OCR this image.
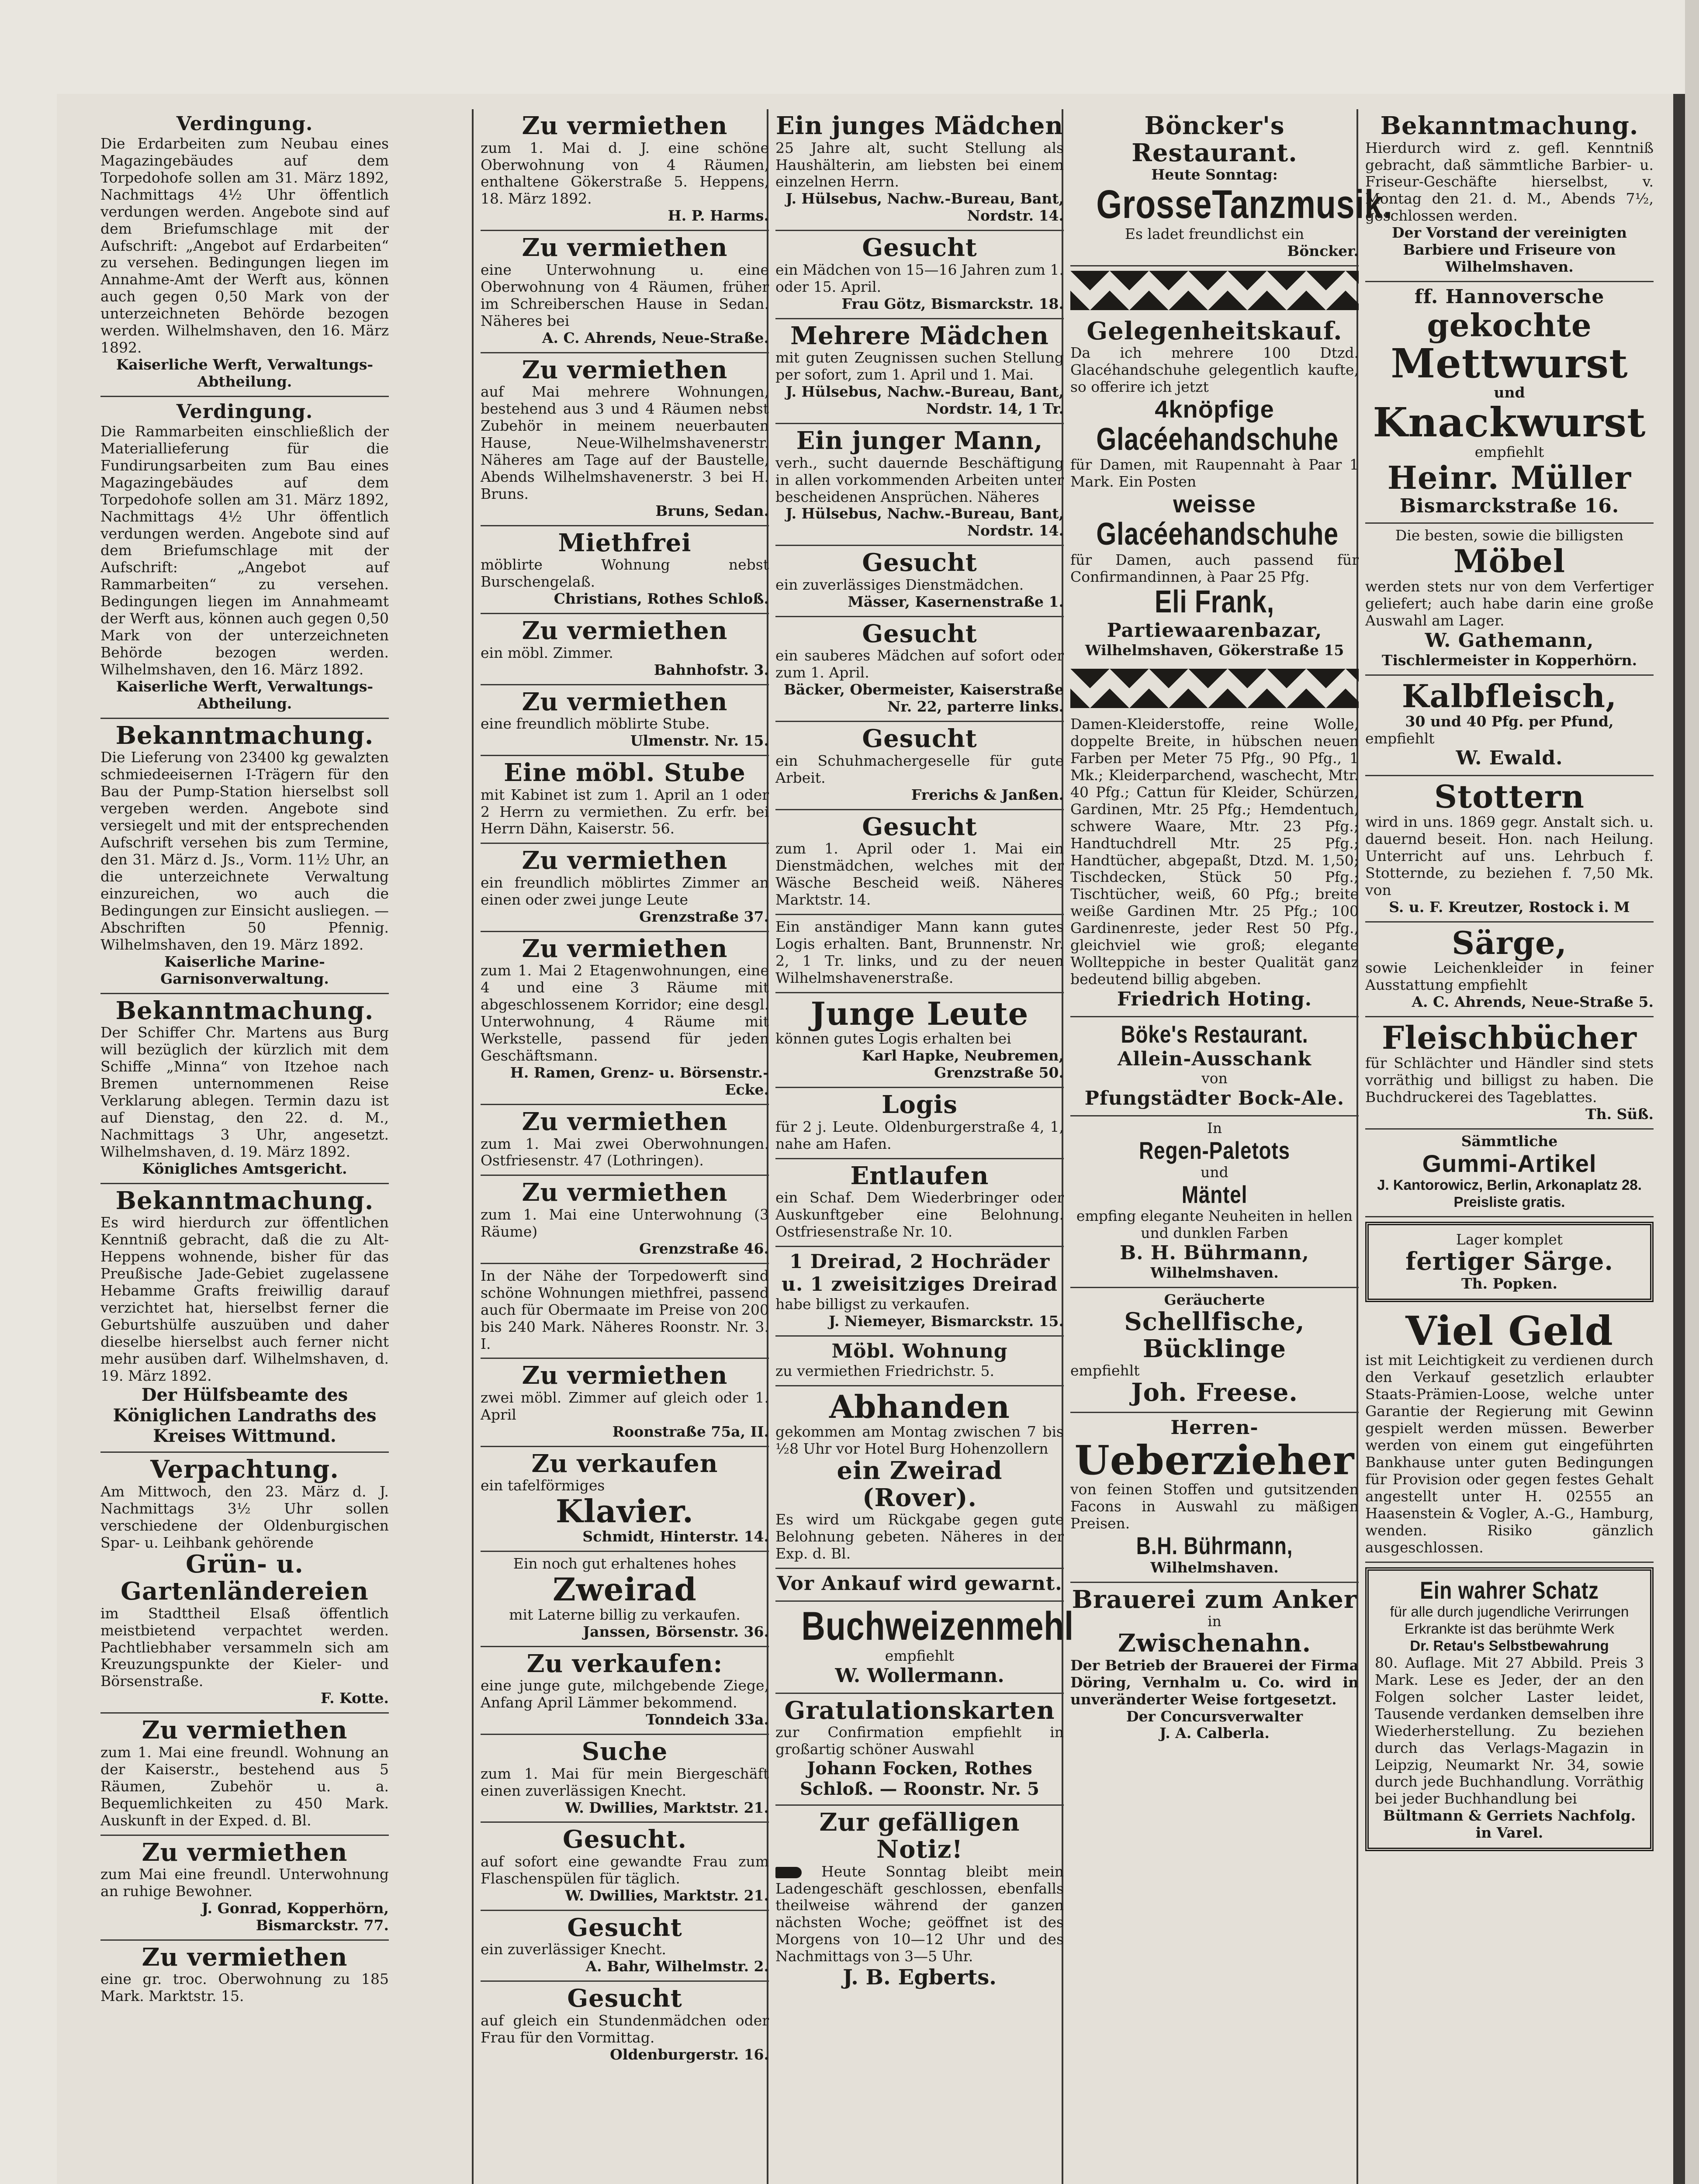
Verdingung.

Die Erdarbeiten zum Neubau eines Magazingebäudes auf dem Torpedohofe sollen am 31. März 1892, Nachmittags 4½ Uhr öffentlich verdungen werden. Angebote sind auf dem Briefumschlage mit der Aufschrift: „Angebot auf Erdarbeiten“ zu versehen. Bedingungen liegen im Annahme-Amt der Werft aus, können auch gegen 0,50 Mark von der unterzeichneten Behörde bezogen werden. Wilhelmshaven, den 16. März 1892.

Kaiserliche Werft, Verwaltungs-Abtheilung.
Verdingung.

Die Rammarbeiten einschließlich der Materiallieferung für die Fundirungsarbeiten zum Bau eines Magazingebäudes auf dem Torpedohofe sollen am 31. März 1892, Nachmittags 4½ Uhr öffentlich verdungen werden. Angebote sind auf dem Briefumschlage mit der Aufschrift: „Angebot auf Rammarbeiten“ zu versehen. Bedingungen liegen im Annahmeamt der Werft aus, können auch gegen 0,50 Mark von der unterzeichneten Behörde bezogen werden. Wilhelmshaven, den 16. März 1892.

Kaiserliche Werft, Verwaltungs-Abtheilung.
Bekanntmachung.

Die Lieferung von 23400 kg gewalzten schmiedeeisernen I-Trägern für den Bau der Pump-Station hierselbst soll vergeben werden. Angebote sind versiegelt und mit der entsprechenden Aufschrift versehen bis zum Termine, den 31. März d. Js., Vorm. 11½ Uhr, an die unterzeichnete Verwaltung einzureichen, wo auch die Bedingungen zur Einsicht ausliegen. — Abschriften 50 Pfennig. Wilhelmshaven, den 19. März 1892.

Kaiserliche Marine-Garnisonverwaltung.
Bekanntmachung.

Der Schiffer Chr. Martens aus Burg will bezüglich der kürzlich mit dem Schiffe „Minna“ von Itzehoe nach Bremen unternommenen Reise Verklarung ablegen. Termin dazu ist auf Dienstag, den 22. d. M., Nachmittags 3 Uhr, angesetzt. Wilhelmshaven, d. 19. März 1892.

Königliches Amtsgericht.
Bekanntmachung.

Es wird hierdurch zur öffentlichen Kenntniß gebracht, daß die zu Alt-Heppens wohnende, bisher für das Preußische Jade-Gebiet zugelassene Hebamme Grafts freiwillig darauf verzichtet hat, hierselbst ferner die Geburtshülfe auszuüben und daher dieselbe hierselbst auch ferner nicht mehr ausüben darf. Wilhelmshaven, d. 19. März 1892.

Der Hülfsbeamte des Königlichen Landraths des Kreises Wittmund.
Verpachtung.

Am Mittwoch, den 23. März d. J. Nachmittags 3½ Uhr sollen verschiedene der Oldenburgischen Spar- u. Leihbank gehörende

Grün- u. Gartenländereien

im Stadttheil Elsaß öffentlich meistbietend verpachtet werden. Pachtliebhaber versammeln sich am Kreuzungspunkte der Kieler- und Börsenstraße.

F. Kotte.
Zu vermiethen

zum 1. Mai eine freundl. Wohnung an der Kaiserstr., bestehend aus 5 Räumen, Zubehör u. a. Bequemlichkeiten zu 450 Mark. Auskunft in der Exped. d. Bl.

Zu vermiethen

zum Mai eine freundl. Unterwohnung an ruhige Bewohner.

J. Gonrad, Kopperhörn, Bismarckstr. 77.
Zu vermiethen

eine gr. troc. Oberwohnung zu 185 Mark. Marktstr. 15.

Zu vermiethen

zum 1. Mai d. J. eine schöne Oberwohnung von 4 Räumen, enthaltene Gökerstraße 5. Heppens, 18. März 1892.

H. P. Harms.
Zu vermiethen

eine Unterwohnung u. eine Oberwohnung von 4 Räumen, früher im Schreiberschen Hause in Sedan. Näheres bei

A. C. Ahrends, Neue-Straße.
Zu vermiethen

auf Mai mehrere Wohnungen, bestehend aus 3 und 4 Räumen nebst Zubehör in meinem neuerbauten Hause, Neue-Wilhelmshavenerstr. Näheres am Tage auf der Baustelle, Abends Wilhelmshavenerstr. 3 bei H. Bruns.

Bruns, Sedan.
Miethfrei

möblirte Wohnung nebst Burschengelaß.

Christians, Rothes Schloß.
Zu vermiethen

ein möbl. Zimmer.

Bahnhofstr. 3.
Zu vermiethen

eine freundlich möblirte Stube.

Ulmenstr. Nr. 15.
Eine möbl. Stube

mit Kabinet ist zum 1. April an 1 oder 2 Herrn zu vermiethen. Zu erfr. bei Herrn Dähn, Kaiserstr. 56.

Zu vermiethen

ein freundlich möblirtes Zimmer an einen oder zwei junge Leute

Grenzstraße 37.
Zu vermiethen

zum 1. Mai 2 Etagenwohnungen, eine 4 und eine 3 Räume mit abgeschlossenem Korridor; eine desgl. Unterwohnung, 4 Räume mit Werkstelle, passend für jeden Geschäftsmann.

H. Ramen, Grenz- u. Börsenstr.-Ecke.
Zu vermiethen

zum 1. Mai zwei Oberwohnungen. Ostfriesenstr. 47 (Lothringen).

Zu vermiethen

zum 1. Mai eine Unterwohnung (3 Räume)

Grenzstraße 46.

In der Nähe der Torpedowerft sind schöne Wohnungen miethfrei, passend auch für Obermaate im Preise von 200 bis 240 Mark. Näheres Roonstr. Nr. 3. I.

Zu vermiethen

zwei möbl. Zimmer auf gleich oder 1. April

Roonstraße 75a, II.
Zu verkaufen

ein tafelförmiges

Klavier.
Schmidt, Hinterstr. 14.

Ein noch gut erhaltenes hohes

Zweirad

mit Laterne billig zu verkaufen.

Janssen, Börsenstr. 36.
Zu verkaufen:

eine junge gute, milchgebende Ziege, Anfang April Lämmer bekommend.

Tonndeich 33a.
Suche

zum 1. Mai für mein Biergeschäft einen zuverlässigen Knecht.

W. Dwillies, Marktstr. 21.
Gesucht.

auf sofort eine gewandte Frau zum Flaschenspülen für täglich.

W. Dwillies, Marktstr. 21.
Gesucht

ein zuverlässiger Knecht.

A. Bahr, Wilhelmstr. 2.
Gesucht

auf gleich ein Stundenmädchen oder Frau für den Vormittag.

Oldenburgerstr. 16.
Ein junges Mädchen

25 Jahre alt, sucht Stellung als Haushälterin, am liebsten bei einem einzelnen Herrn.

J. Hülsebus, Nachw.-Bureau, Bant, Nordstr. 14.
Gesucht

ein Mädchen von 15—16 Jahren zum 1. oder 15. April.

Frau Götz, Bismarckstr. 18.
Mehrere Mädchen

mit guten Zeugnissen suchen Stellung per sofort, zum 1. April und 1. Mai.

J. Hülsebus, Nachw.-Bureau, Bant, Nordstr. 14, 1 Tr.
Ein junger Mann,

verh., sucht dauernde Beschäftigung in allen vorkommenden Arbeiten unter bescheidenen Ansprüchen. Näheres

J. Hülsebus, Nachw.-Bureau, Bant, Nordstr. 14.
Gesucht

ein zuverlässiges Dienstmädchen.

Mässer, Kasernenstraße 1.
Gesucht

ein sauberes Mädchen auf sofort oder zum 1. April.

Bäcker, Obermeister, Kaiserstraße Nr. 22, parterre links.
Gesucht

ein Schuhmachergeselle für gute Arbeit.

Frerichs & Janßen.
Gesucht

zum 1. April oder 1. Mai ein Dienstmädchen, welches mit der Wäsche Bescheid weiß. Näheres Marktstr. 14.

Ein anständiger Mann kann gutes Logis erhalten. Bant, Brunnenstr. Nr. 2, 1 Tr. links, und zu der neuen Wilhelmshavenerstraße.

Junge Leute

können gutes Logis erhalten bei

Karl Hapke, Neubremen, Grenzstraße 50.
Logis

für 2 j. Leute. Oldenburgerstraße 4, 1, nahe am Hafen.

Entlaufen

ein Schaf. Dem Wiederbringer oder Auskunftgeber eine Belohnung. Ostfriesenstraße Nr. 10.

1 Dreirad, 2 Hochräder u. 1 zweisitziges Dreirad

habe billigst zu verkaufen.

J. Niemeyer, Bismarckstr. 15.
Möbl. Wohnung

zu vermiethen Friedrichstr. 5.

Abhanden

gekommen am Montag zwischen 7 bis ½8 Uhr vor Hotel Burg Hohenzollern

ein Zweirad (Rover).

Es wird um Rückgabe gegen gute Belohnung gebeten. Näheres in der Exp. d. Bl.

Vor Ankauf wird gewarnt.
Buchweizenmehl

empfiehlt

W. Wollermann.
Gratulationskarten

zur Confirmation empfiehlt in großartig schöner Auswahl

Johann Focken, Rothes Schloß. — Roonstr. Nr. 5
Zur gefälligen Notiz!

Heute Sonntag bleibt mein Ladengeschäft geschlossen, ebenfalls theilweise während der ganzen nächsten Woche; geöffnet ist des Morgens von 10—12 Uhr und des Nachmittags von 3—5 Uhr.

J. B. Egberts.
Böncker's Restaurant.
Heute Sonntag:
GrosseTanzmusik.

Es ladet freundlichst ein

Böncker.
Gelegenheitskauf.

Da ich mehrere 100 Dtzd. Glacéhandschuhe gelegentlich kaufte, so offerire ich jetzt

4knöpfige
Glacéehandschuhe

für Damen, mit Raupennaht à Paar 1 Mark. Ein Posten

weisse
Glacéehandschuhe

für Damen, auch passend für Confirmandinnen, à Paar 25 Pfg.

Eli Frank,
Partiewaarenbazar,
Wilhelmshaven, Gökerstraße 15

Damen-Kleiderstoffe, reine Wolle, doppelte Breite, in hübschen neuen Farben per Meter 75 Pfg., 90 Pfg., 1 Mk.; Kleiderparchend, waschecht, Mtr. 40 Pfg.; Cattun für Kleider, Schürzen, Gardinen, Mtr. 25 Pfg.; Hemdentuch, schwere Waare, Mtr. 23 Pfg.; Handtuchdrell Mtr. 25 Pfg.; Handtücher, abgepaßt, Dtzd. M. 1,50; Tischdecken, Stück 50 Pfg.; Tischtücher, weiß, 60 Pfg.; breite weiße Gardinen Mtr. 25 Pfg.; 100 Gardinenreste, jeder Rest 50 Pfg., gleichviel wie groß; elegante Wollteppiche in bester Qualität ganz bedeutend billig abgeben.

Friedrich Hoting.
Böke's Restaurant.
Allein-Ausschank
von
Pfungstädter Bock-Ale.
In
Regen-Paletots
und
Mäntel

empfing elegante Neuheiten in hellen und dunklen Farben

B. H. Bührmann,
Wilhelmshaven.
Geräucherte
Schellfische, Bücklinge
empfiehlt
Joh. Freese.
Herren-
Ueberzieher

von feinen Stoffen und gutsitzenden Facons in Auswahl zu mäßigen Preisen.

B.H. Bührmann,
Wilhelmshaven.
Brauerei zum Anker
in
Zwischenahn.

Der Betrieb der Brauerei der Firma Döring, Vernhalm u. Co. wird in unveränderter Weise fortgesetzt.

Der Concursverwalter
J. A. Calberla.
Bekanntmachung.

Hierdurch wird z. gefl. Kenntniß gebracht, daß sämmtliche Barbier- u. Friseur-Geschäfte hierselbst, v. Montag den 21. d. M., Abends 7½, geschlossen werden.

Der Vorstand der vereinigten Barbiere und Friseure von Wilhelmshaven.
ff. Hannoversche
gekochte
Mettwurst
und
Knackwurst
empfiehlt
Heinr. Müller
Bismarckstraße 16.

Die besten, sowie die billigsten

Möbel

werden stets nur von dem Verfertiger geliefert; auch habe darin eine große Auswahl am Lager.

W. Gathemann,
Tischlermeister in Kopperhörn.
Kalbfleisch,
30 und 40 Pfg. per Pfund,
empfiehlt
W. Ewald.
Stottern

wird in uns. 1869 gegr. Anstalt sich. u. dauernd beseit. Hon. nach Heilung. Unterricht auf uns. Lehrbuch f. Stotternde, zu beziehen f. 7,50 Mk. von

S. u. F. Kreutzer, Rostock i. M
Särge,

sowie Leichenkleider in feiner Ausstattung empfiehlt

A. C. Ahrends, Neue-Straße 5.
Fleischbücher

für Schlächter und Händler sind stets vorräthig und billigst zu haben. Die Buchdruckerei des Tageblattes.

Th. Süß.
Sämmtliche
Gummi-Artikel
J. Kantorowicz, Berlin, Arkonaplatz 28. Preisliste gratis.
Lager komplet
fertiger Särge.
Th. Popken.
Viel Geld

ist mit Leichtigkeit zu verdienen durch den Verkauf gesetzlich erlaubter Staats-Prämien-Loose, welche unter Garantie der Regierung mit Gewinn gespielt werden müssen. Bewerber werden von einem gut eingeführten Bankhause unter guten Bedingungen für Provision oder gegen festes Gehalt angestellt unter H. 02555 an Haasenstein & Vogler, A.-G., Hamburg, wenden. Risiko gänzlich ausgeschlossen.

Ein wahrer Schatz

für alle durch jugendliche Verirrungen Erkrankte ist das berühmte Werk

Dr. Retau's Selbstbewahrung

80. Auflage. Mit 27 Abbild. Preis 3 Mark. Lese es Jeder, der an den Folgen solcher Laster leidet, Tausende verdanken demselben ihre Wiederherstellung. Zu beziehen durch das Verlags-Magazin in Leipzig, Neumarkt Nr. 34, sowie durch jede Buchhandlung. Vorräthig bei jeder Buchhandlung bei

Bültmann & Gerriets Nachfolg. in Varel.
